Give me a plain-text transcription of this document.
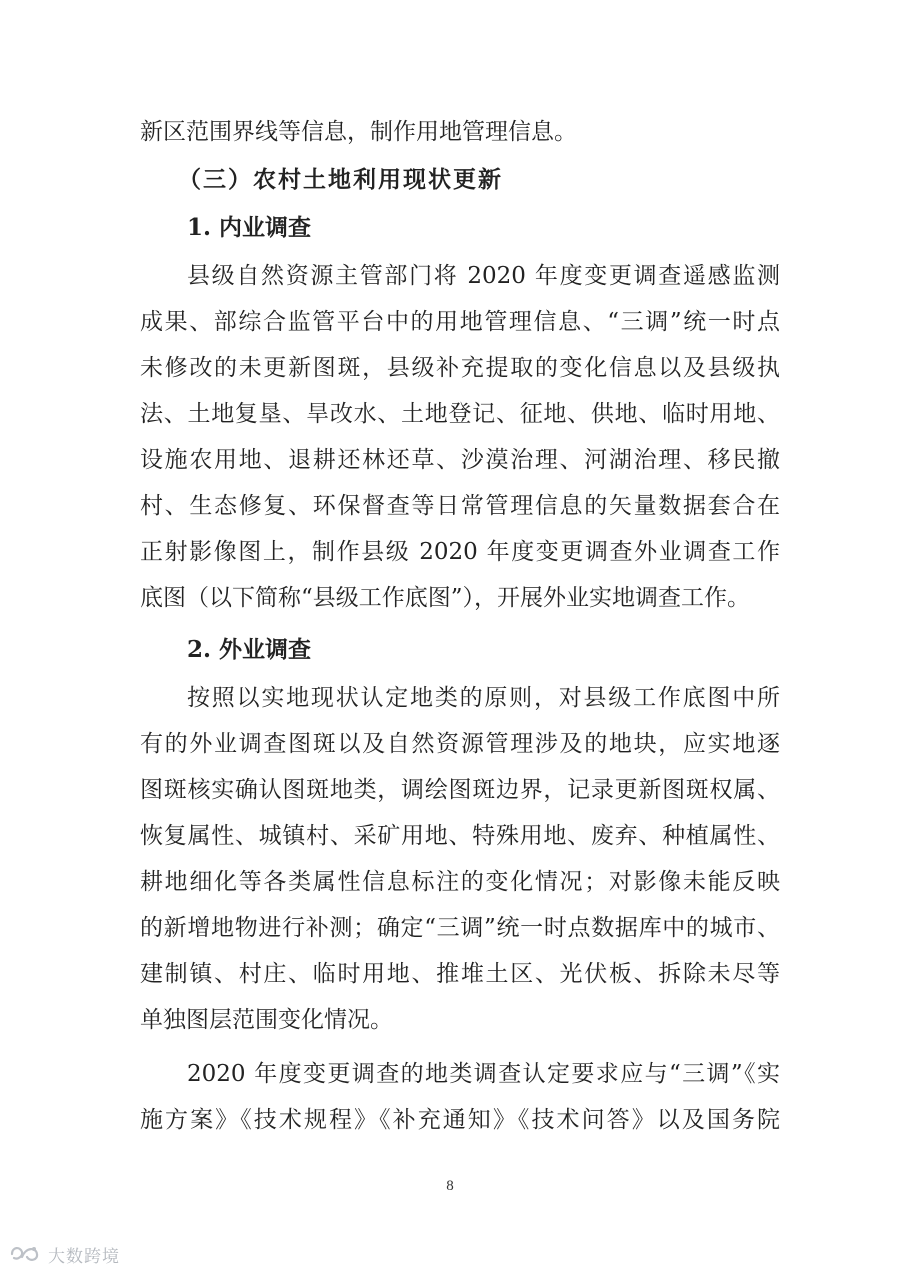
新区范围界线等信息，制作用地管理信息。
（三）农村土地利用现状更新
1. 内业调查
县级自然资源主管部门将 2020 年度变更调查遥感监测
成果、部综合监管平台中的用地管理信息、“三调”统一时点
未修改的未更新图斑，县级补充提取的变化信息以及县级执
法、土地复垦、旱改水、土地登记、征地、供地、临时用地、
设施农用地、退耕还林还草、沙漠治理、河湖治理、移民撤
村、生态修复、环保督查等日常管理信息的矢量数据套合在
正射影像图上，制作县级 2020 年度变更调查外业调查工作
底图（以下简称“县级工作底图”），开展外业实地调查工作。
2. 外业调查
按照以实地现状认定地类的原则，对县级工作底图中所
有的外业调查图斑以及自然资源管理涉及的地块，应实地逐
图斑核实确认图斑地类，调绘图斑边界，记录更新图斑权属、
恢复属性、城镇村、采矿用地、特殊用地、废弃、种植属性、
耕地细化等各类属性信息标注的变化情况；对影像未能反映
的新增地物进行补测；确定“三调”统一时点数据库中的城市、
建制镇、村庄、临时用地、推堆土区、光伏板、拆除未尽等
单独图层范围变化情况。
2020 年度变更调查的地类调查认定要求应与“三调”《实
施方案》《技术规程》《补充通知》《技术问答》以及国务院
8
大数跨境
